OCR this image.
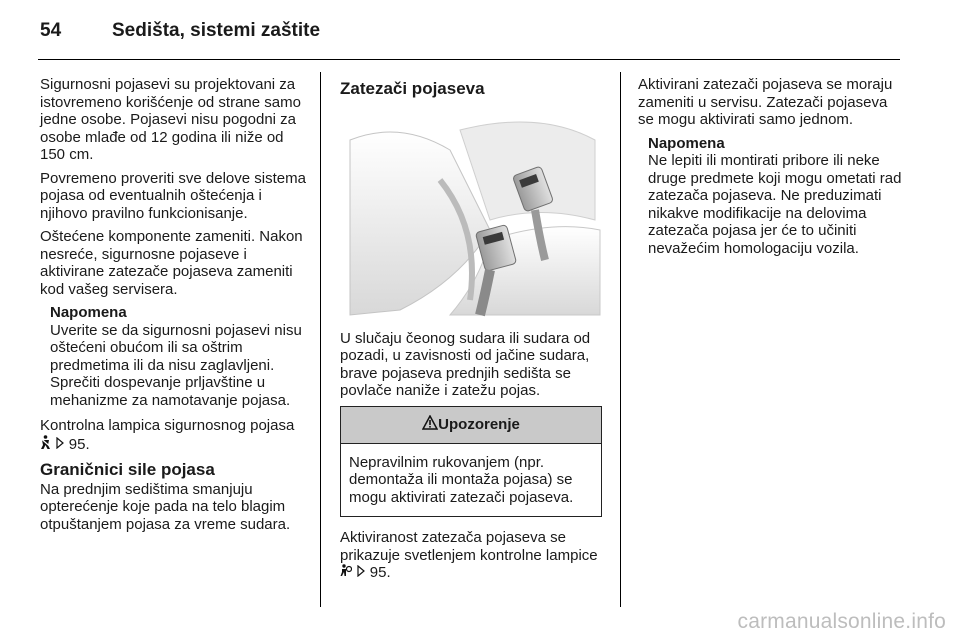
54	Sedišta, sistemi zaštite

Sigurnosni pojasevi su projektovani za istovremeno korišćenje od strane samo jedne osobe. Pojasevi nisu pogodni za osobe mlađe od 12 godina ili niže od 150 cm.

Povremeno proveriti sve delove sistema pojasa od eventualnih oštećenja i njihovo pravilno funkcionisanje.

Oštećene komponente zameniti. Nakon nesreće, sigurnosne pojaseve i aktivirane zatezače pojaseva zameniti kod vašeg servisera.

Napomena
Uverite se da sigurnosni pojasevi nisu oštećeni obućom ili sa oštrim predmetima ili da nisu zaglavljeni. Sprečiti dospevanje prljavštine u mehanizme za namotavanje pojasa.

Kontrolna lampica sigurnosnog pojasa   95.

Graničnici sile pojasa

Na prednjim sedištima smanjuju opterećenje koje pada na telo blagim otpuštanjem pojasa za vreme sudara.

Zatezači pojaseva

U slučaju čeonog sudara ili sudara od pozadi, u zavisnosti od jačine sudara, brave pojaseva prednjih sedišta se povlače naniže i zatežu pojas.

Upozorenje
Nepravilnim rukovanjem (npr. demontaža ili montaža pojasa) se mogu aktivirati zatezači pojaseva.

Aktiviranost zatezača pojaseva se prikazuje svetlenjem kontrolne lampice   95.

Aktivirani zatezači pojaseva se moraju zameniti u servisu. Zatezači pojaseva se mogu aktivirati samo jednom.

Napomena
Ne lepiti ili montirati pribore ili neke druge predmete koji mogu ometati rad zatezača pojaseva. Ne preduzimati nikakve modifikacije na delovima zatezača pojasa jer će to učiniti nevažećim homologaciju vozila.
carmanualsonline.info
